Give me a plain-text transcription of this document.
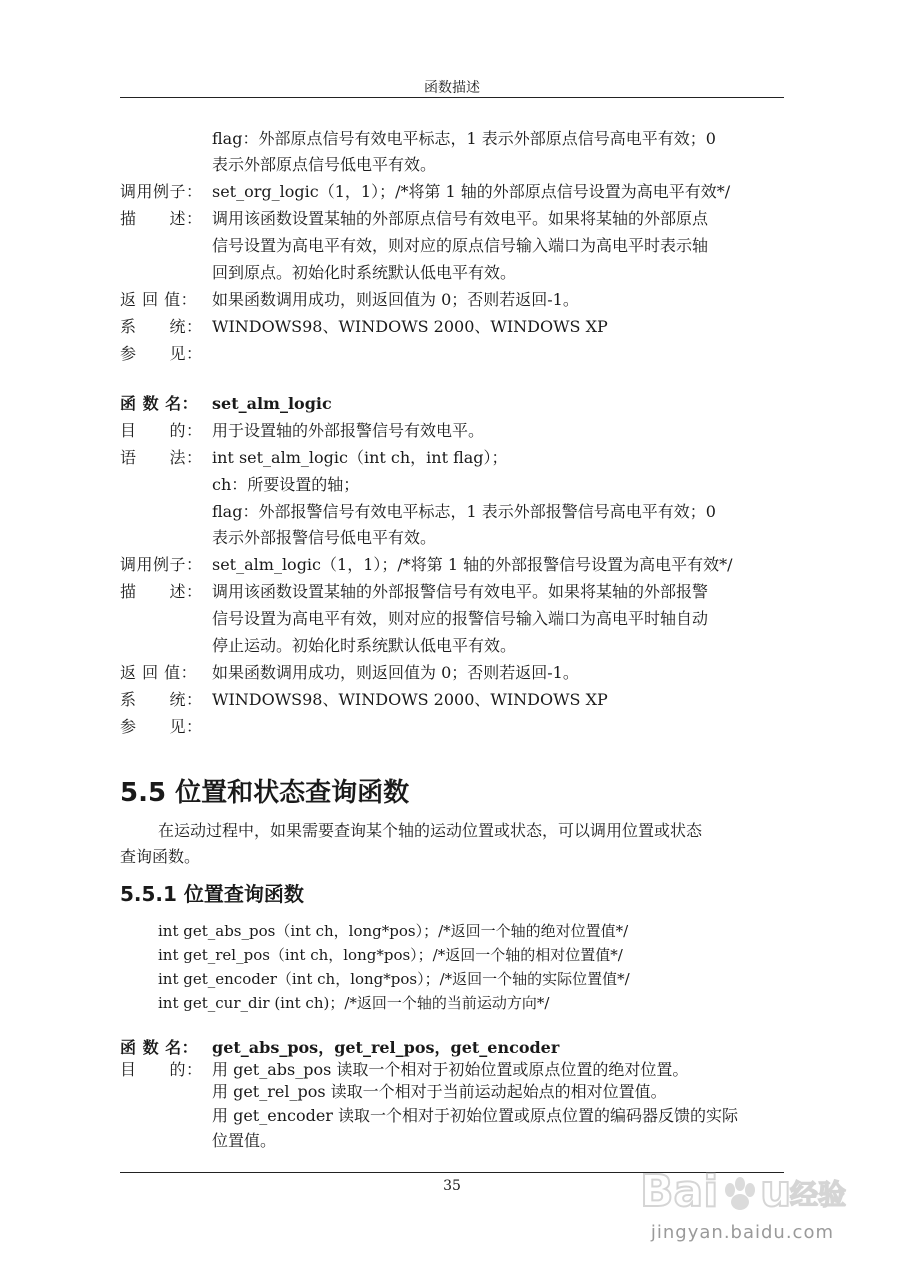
函数描述
flag：外部原点信号有效电平标志，1 表示外部原点信号高电平有效；0
表示外部原点信号低电平有效。
调用例子： set_org_logic（1，1）；/*将第 1 轴的外部原点信号设置为高电平有效*/
描　　述： 调用该函数设置某轴的外部原点信号有效电平。如果将某轴的外部原点
信号设置为高电平有效，则对应的原点信号输入端口为高电平时表示轴
回到原点。初始化时系统默认低电平有效。
返 回 值： 如果函数调用成功，则返回值为 0；否则若返回-1。
系　　统： WINDOWS98、WINDOWS 2000、WINDOWS XP
参　　见：
函 数 名： set_alm_logic
目　　的： 用于设置轴的外部报警信号有效电平。
语　　法： int set_alm_logic（int ch，int flag）；
ch：所要设置的轴；
flag：外部报警信号有效电平标志，1 表示外部报警信号高电平有效；0
表示外部报警信号低电平有效。
调用例子： set_alm_logic（1，1）；/*将第 1 轴的外部报警信号设置为高电平有效*/
描　　述： 调用该函数设置某轴的外部报警信号有效电平。如果将某轴的外部报警
信号设置为高电平有效，则对应的报警信号输入端口为高电平时轴自动
停止运动。初始化时系统默认低电平有效。
返 回 值： 如果函数调用成功，则返回值为 0；否则若返回-1。
系　　统： WINDOWS98、WINDOWS 2000、WINDOWS XP
参　　见：
5.5 位置和状态查询函数
在运动过程中，如果需要查询某个轴的运动位置或状态，可以调用位置或状态
查询函数。
5.5.1 位置查询函数
int get_abs_pos（int ch，long*pos）；/*返回一个轴的绝对位置值*/
int get_rel_pos（int ch，long*pos）；/*返回一个轴的相对位置值*/
int get_encoder（int ch，long*pos）；/*返回一个轴的实际位置值*/
int get_cur_dir (int ch)；/*返回一个轴的当前运动方向*/
函 数 名： get_abs_pos，get_rel_pos，get_encoder
目　　的： 用 get_abs_pos 读取一个相对于初始位置或原点位置的绝对位置。
用 get_rel_pos 读取一个相对于当前运动起始点的相对位置值。
用 get_encoder 读取一个相对于初始位置或原点位置的编码器反馈的实际
位置值。
35	Bai u
经验
jingyan.baidu.com
